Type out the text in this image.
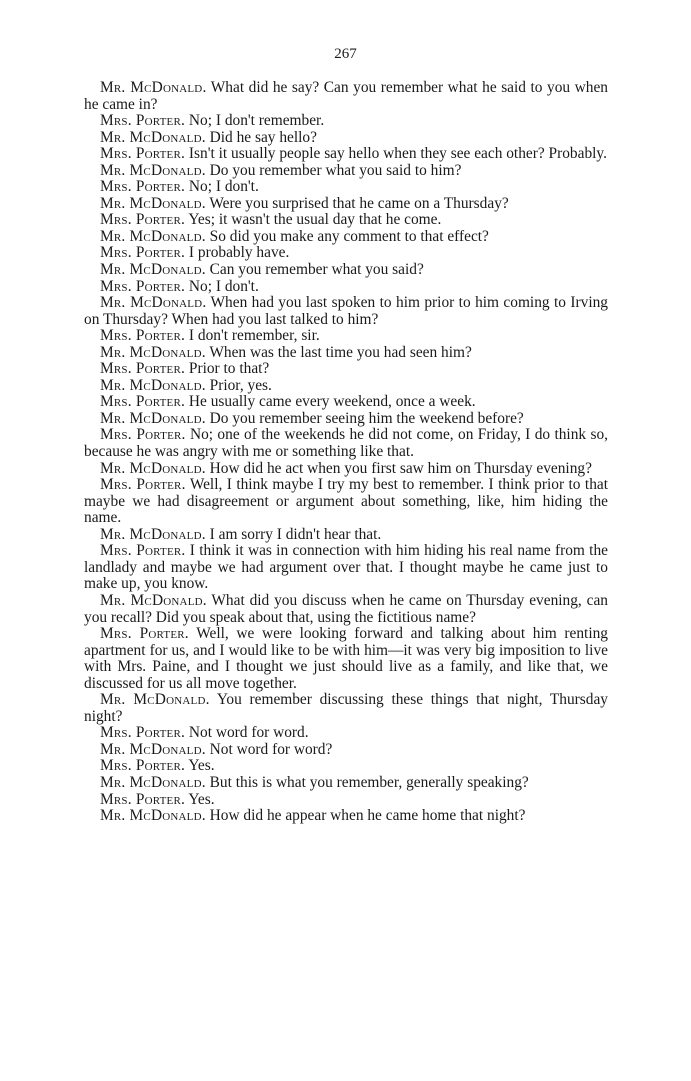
267

Mr. McDonald. What did he say? Can you remember what he said to you when he came in?

Mrs. Porter. No; I don't remember.

Mr. McDonald. Did he say hello?

Mrs. Porter. Isn't it usually people say hello when they see each other? Probably.

Mr. McDonald. Do you remember what you said to him?

Mrs. Porter. No; I don't.

Mr. McDonald. Were you surprised that he came on a Thursday?

Mrs. Porter. Yes; it wasn't the usual day that he come.

Mr. McDonald. So did you make any comment to that effect?

Mrs. Porter. I probably have.

Mr. McDonald. Can you remember what you said?

Mrs. Porter. No; I don't.

Mr. McDonald. When had you last spoken to him prior to him coming to Irving on Thursday? When had you last talked to him?

Mrs. Porter. I don't remember, sir.

Mr. McDonald. When was the last time you had seen him?

Mrs. Porter. Prior to that?

Mr. McDonald. Prior, yes.

Mrs. Porter. He usually came every weekend, once a week.

Mr. McDonald. Do you remember seeing him the weekend before?

Mrs. Porter. No; one of the weekends he did not come, on Friday, I do think so, because he was angry with me or something like that.

Mr. McDonald. How did he act when you first saw him on Thursday evening?

Mrs. Porter. Well, I think maybe I try my best to remember. I think prior to that maybe we had disagreement or argument about something, like, him hiding the name.

Mr. McDonald. I am sorry I didn't hear that.

Mrs. Porter. I think it was in connection with him hiding his real name from the landlady and maybe we had argument over that. I thought maybe he came just to make up, you know.

Mr. McDonald. What did you discuss when he came on Thursday evening, can you recall? Did you speak about that, using the fictitious name?

Mrs. Porter. Well, we were looking forward and talking about him renting apartment for us, and I would like to be with him—it was very big imposition to live with Mrs. Paine, and I thought we just should live as a family, and like that, we discussed for us all move together.

Mr. McDonald. You remember discussing these things that night, Thursday night?

Mrs. Porter. Not word for word.

Mr. McDonald. Not word for word?

Mrs. Porter. Yes.

Mr. McDonald. But this is what you remember, generally speaking?

Mrs. Porter. Yes.

Mr. McDonald. How did he appear when he came home that night?
